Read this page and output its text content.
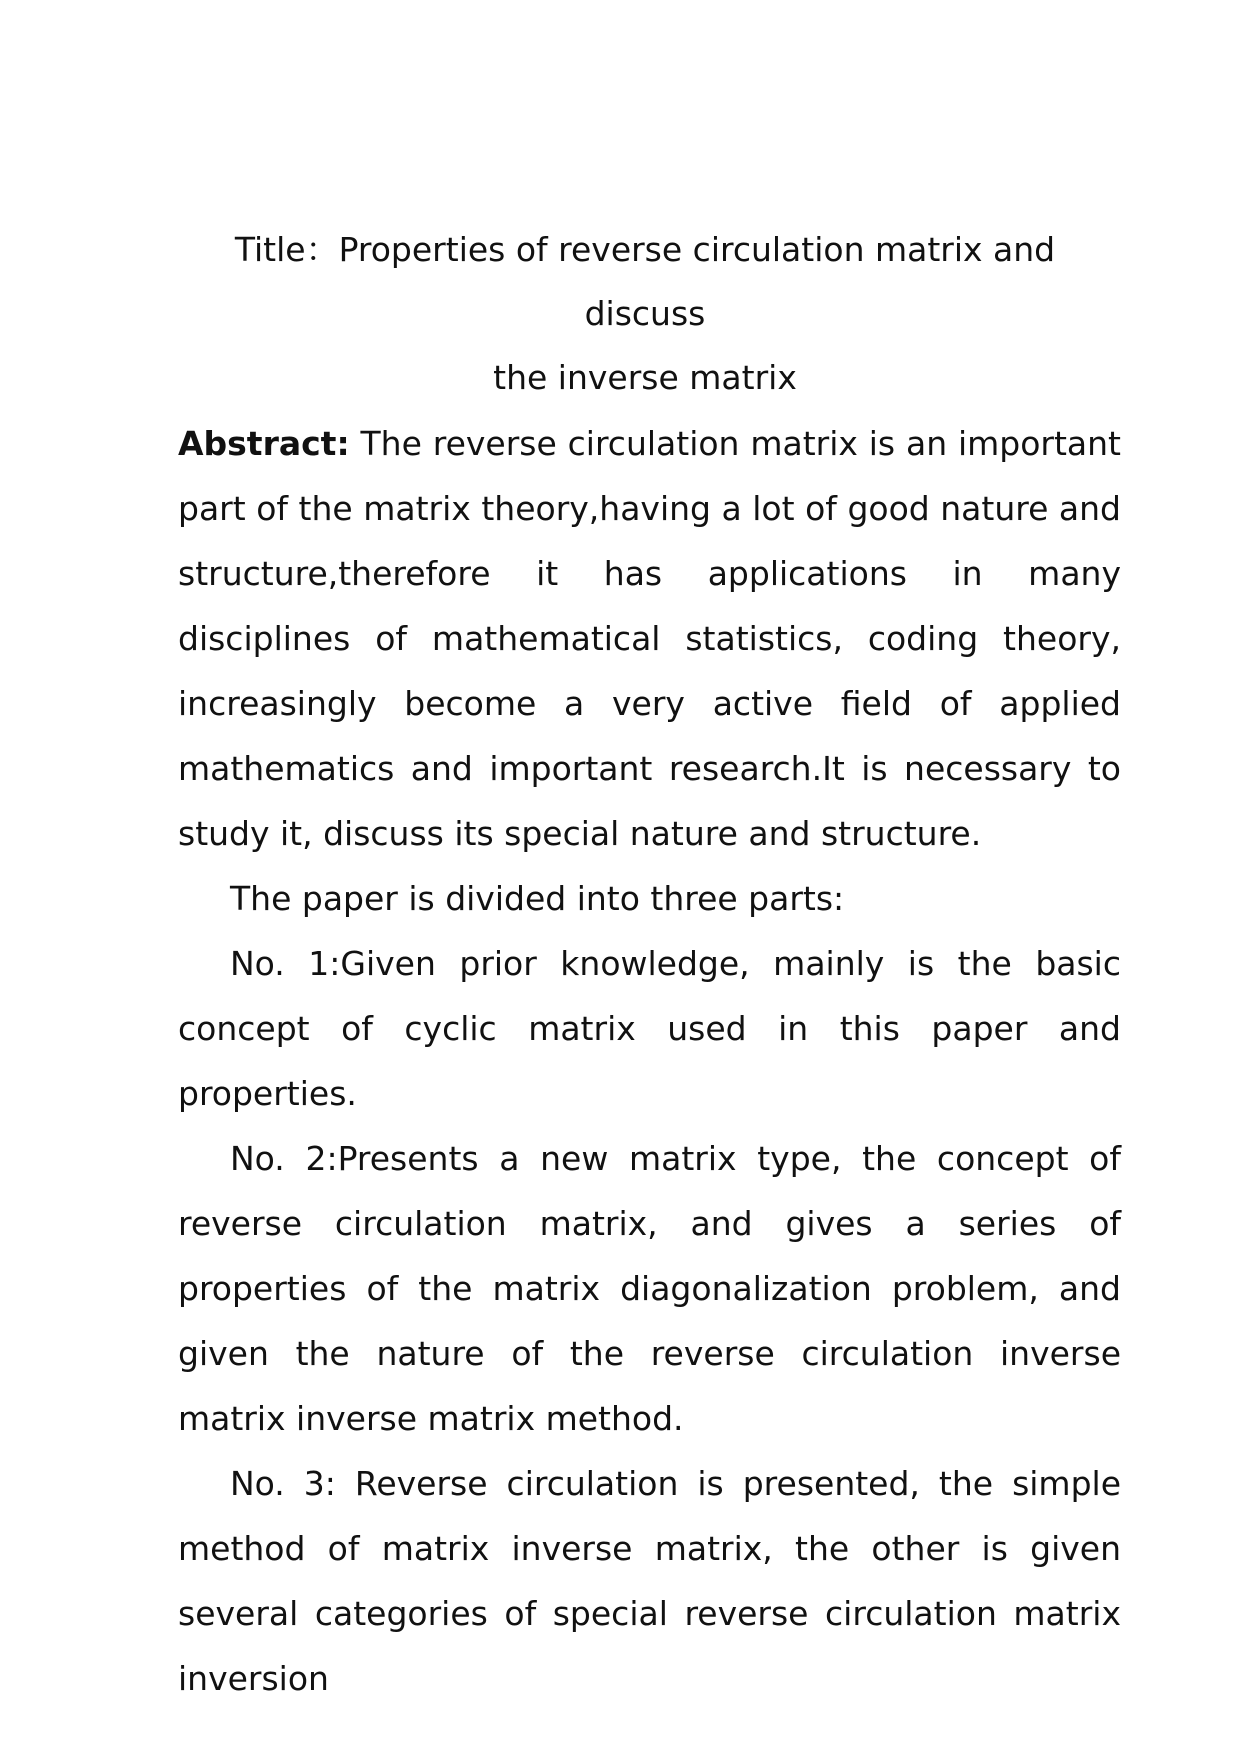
Title：Properties of reverse circulation matrix and discuss
the inverse matrix

Abstract: The reverse circulation matrix is an important part of the matrix theory,having a lot of good nature and structure,therefore it has applications in many disciplines of mathematical statistics, coding theory, increasingly become a very active field of applied mathematics and important research.It is necessary to study it, discuss its special nature and structure.

The paper is divided into three parts:

No. 1:Given prior knowledge, mainly is the basic concept of cyclic matrix used in this paper and properties.

No. 2:Presents a new matrix type, the concept of reverse circulation matrix, and gives a series of properties of the matrix diagonalization problem, and given the nature of the reverse circulation inverse matrix inverse matrix method.

No. 3: Reverse circulation is presented, the simple method of matrix inverse matrix, the other is given several categories of special reverse circulation matrix inversion
